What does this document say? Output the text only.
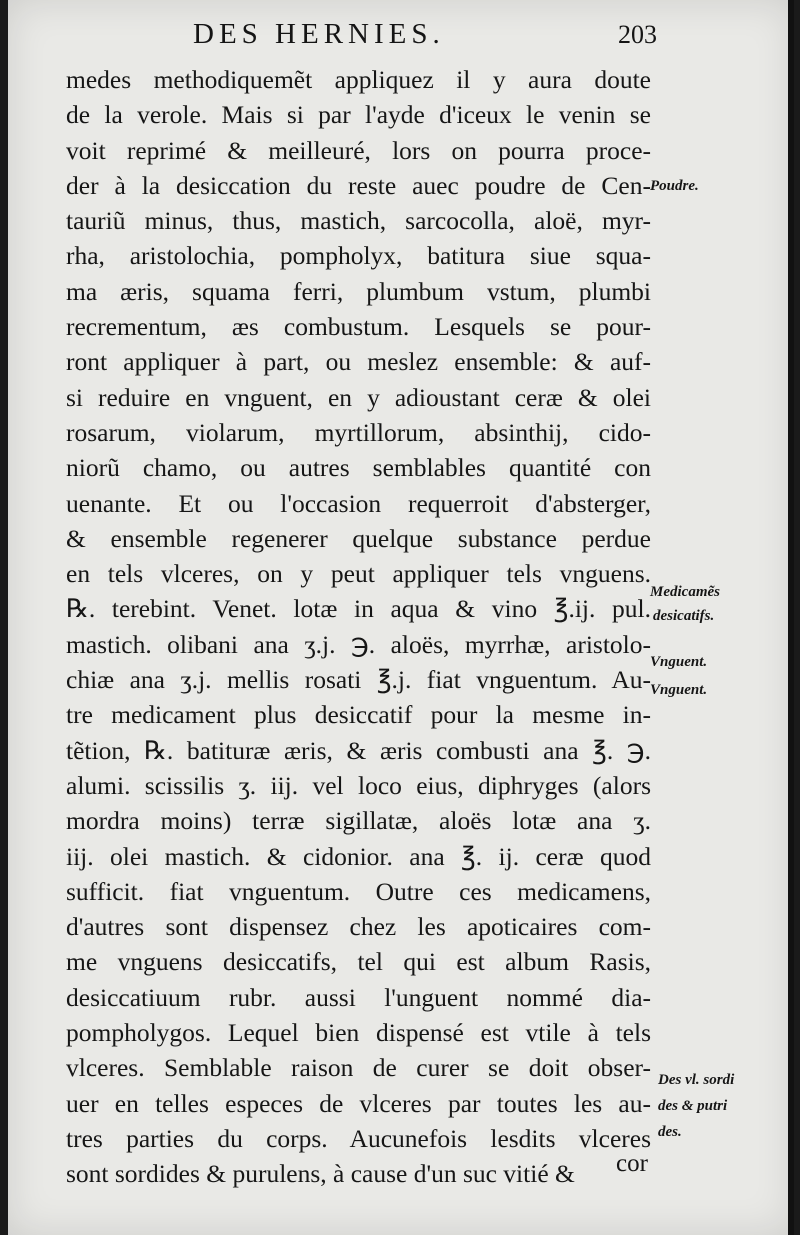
DES HERNIES.	203
medes methodiquemẽt appliquez il y aura doute
de la verole. Mais si par l'ayde d'iceux le venin se
voit reprimé & meilleuré, lors on pourra proce-
der à la desiccation du reste auec poudre de Cen-
tauriũ minus, thus, mastich, sarcocolla, aloë, myr-
rha, aristolochia, pompholyx, batitura siue squa-
ma æris, squama ferri, plumbum vstum, plumbi
recrementum, æs combustum. Lesquels se pour-
ront appliquer à part, ou meslez ensemble: & auf-
si reduire en vnguent, en y adioustant ceræ & olei
rosarum, violarum, myrtillorum, absinthij, cido-
niorũ chamo, ou autres semblables quantité con
uenante. Et ou l'occasion requerroit d'absterger,
& ensemble regenerer quelque substance perdue
en tels vlceres, on y peut appliquer tels vnguens.
℞. terebint. Venet. lotæ in aqua & vino ℥.ij. pul.
mastich. olibani ana ʒ.j. ℈. aloës, myrrhæ, aristolo-
chiæ ana ʒ.j. mellis rosati ℥.j. fiat vnguentum. Au-
tre medicament plus desiccatif pour la mesme in-
tẽtion, ℞. batituræ æris, & æris combusti ana ℥. ℈.
alumi. scissilis ʒ. iij. vel loco eius, diphryges (alors
mordra moins) terræ sigillatæ, aloës lotæ ana ʒ.
iij. olei mastich. & cidonior. ana ℥. ij. ceræ quod
sufficit. fiat vnguentum. Outre ces medicamens,
d'autres sont dispensez chez les apoticaires com-
me vnguens desiccatifs, tel qui est album Rasis,
desiccatiuum rubr. aussi l'unguent nommé dia-
pompholygos. Lequel bien dispensé est vtile à tels
vlceres. Semblable raison de curer se doit obser-
uer en telles especes de vlceres par toutes les au-
tres parties du corps. Aucunefois lesdits vlceres
sont sordides & purulens, à cause d'un suc vitié &
Poudre.
Medicamẽs
desicatifs.
Vnguent.
Vnguent.
Des vl. sordi
des & putri
des.
cor
